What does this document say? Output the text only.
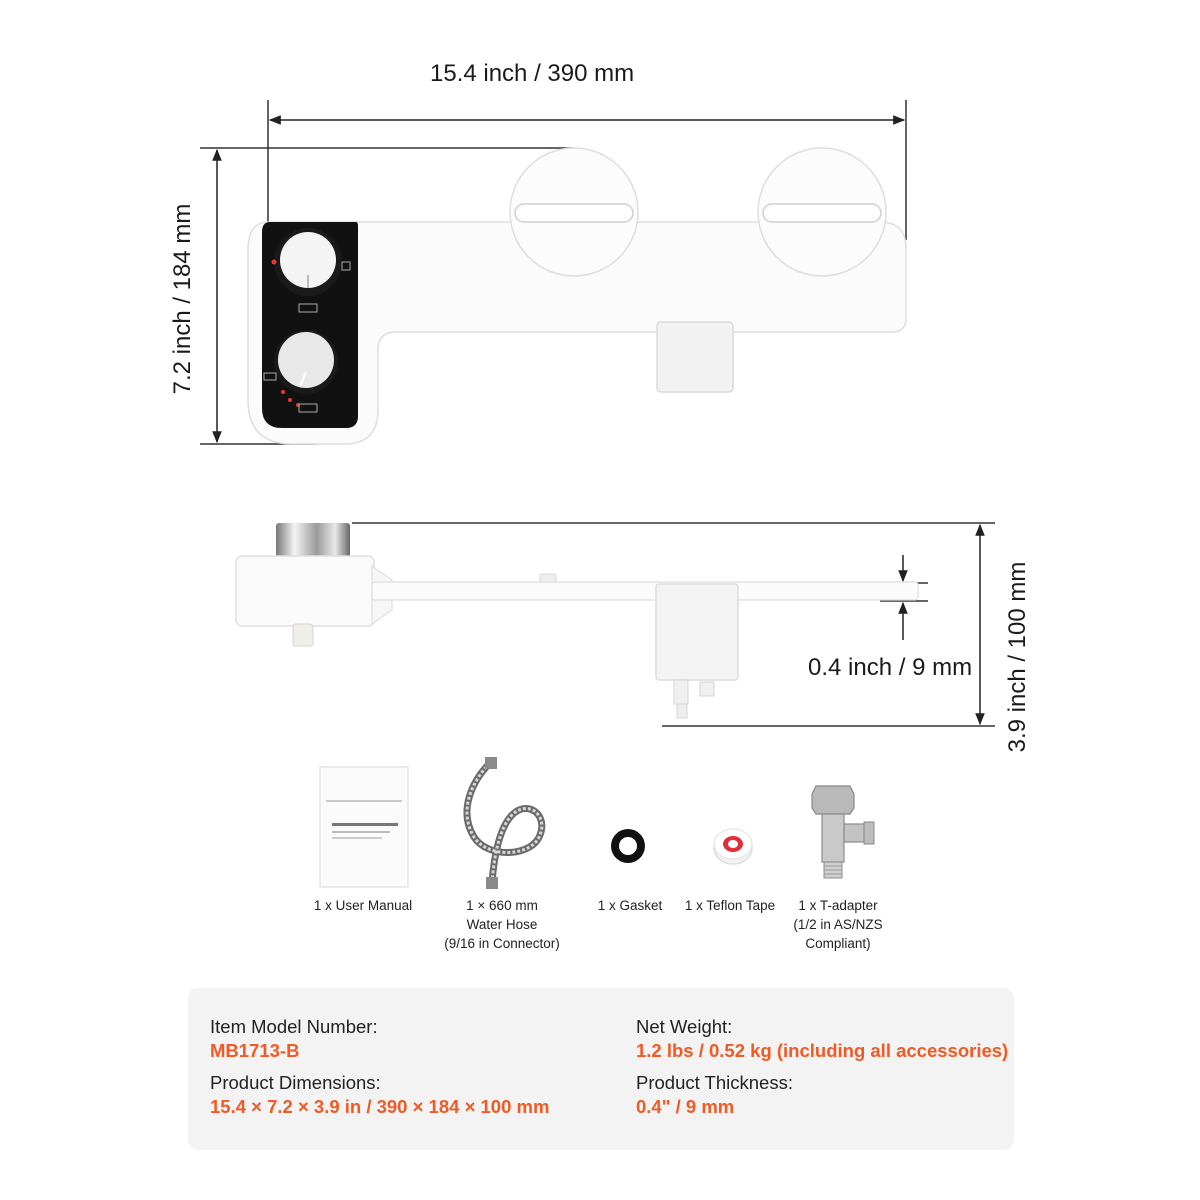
15.4 inch / 390 mm
7.2 inch / 184 mm
0.4 inch / 9 mm 3.9 inch / 100 mm
1 x User Manual	1 × 660 mm
Water Hose
(9/16 in Connector)
1 x Gasket	1 x Teflon Tape	1 x T-adapter
(1/2 in AS/NZS
Compliant)
Item Model Number:
MB1713-B
Product Dimensions:
15.4 × 7.2 × 3.9 in / 390 × 184 × 100 mm
Net Weight:
1.2 lbs / 0.52 kg (including all accessories)
Product Thickness:
0.4" / 9 mm
